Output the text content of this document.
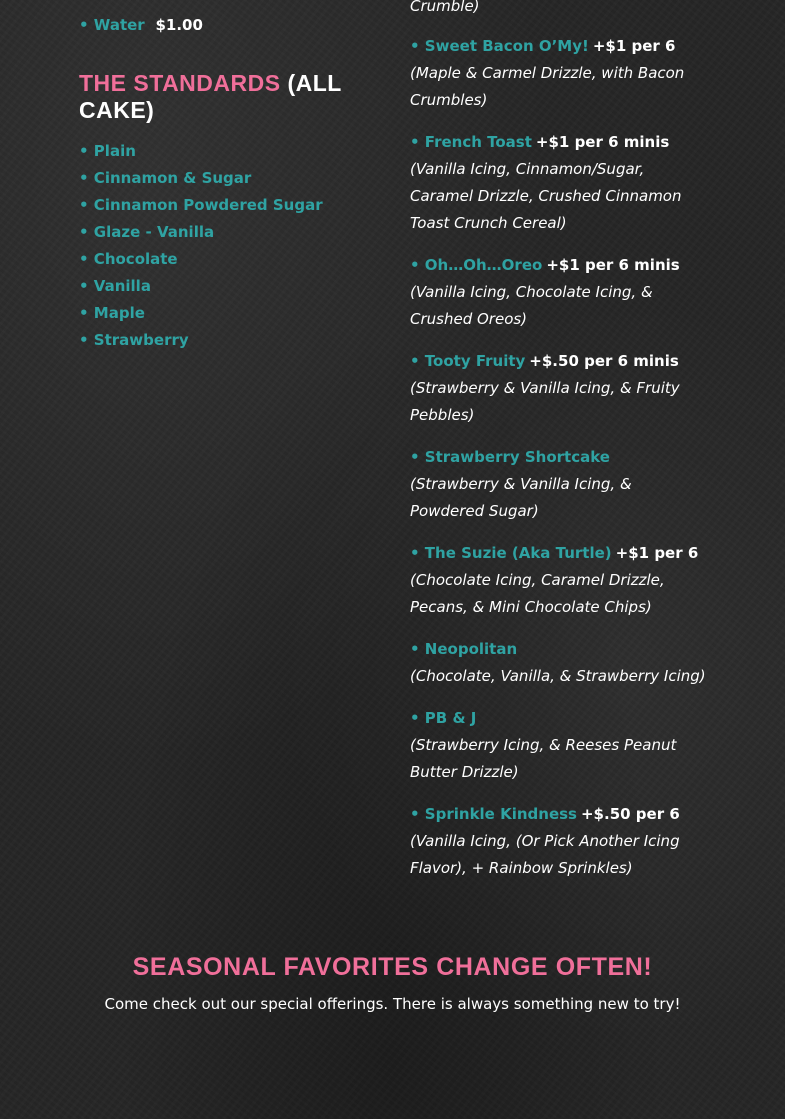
• Water $1.00
THE STANDARDS (ALL CAKE)
• Plain
• Cinnamon & Sugar
• Cinnamon Powdered Sugar
• Glaze - Vanilla
• Chocolate
• Vanilla
• Maple
• Strawberry
Crumble)
• Sweet Bacon O’My! +$1 per 6
(Maple & Carmel Drizzle, with Bacon Crumbles)
• French Toast +$1 per 6 minis
(Vanilla Icing, Cinnamon/Sugar, Caramel Drizzle, Crushed Cinnamon Toast Crunch Cereal)
• Oh…Oh…Oreo +$1 per 6 minis
(Vanilla Icing, Chocolate Icing, & Crushed Oreos)
• Tooty Fruity +$.50 per 6 minis
(Strawberry & Vanilla Icing, & Fruity Pebbles)
• Strawberry Shortcake
(Strawberry & Vanilla Icing, & Powdered Sugar)
• The Suzie (Aka Turtle) +$1 per 6
(Chocolate Icing, Caramel Drizzle, Pecans, & Mini Chocolate Chips)
• Neopolitan
(Chocolate, Vanilla, & Strawberry Icing)
• PB & J
(Strawberry Icing, & Reeses Peanut Butter Drizzle)
• Sprinkle Kindness +$.50 per 6
(Vanilla Icing, (Or Pick Another Icing Flavor), + Rainbow Sprinkles)
SEASONAL FAVORITES CHANGE OFTEN!
Come check out our special offerings. There is always something new to try!
